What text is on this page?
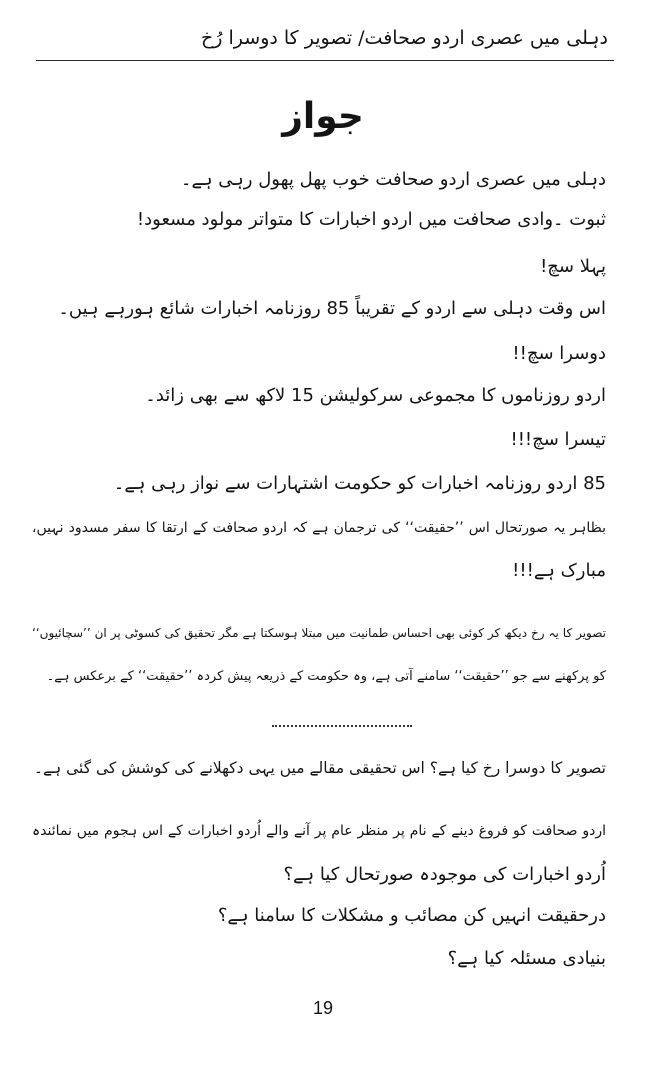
دہلی میں عصری اردو صحافت/ تصویر کا دوسرا رُخ
جواز
دہلی میں عصری اردو صحافت خوب پھل پھول رہی ہے۔
ثبوت ۔وادی صحافت میں اردو اخبارات کا متواتر مولود مسعود!
پہلا سچ!
اس وقت دہلی سے اردو کے تقریباً 85 روزنامہ اخبارات شائع ہورہے ہیں۔
دوسرا سچ!!
اردو روزناموں کا مجموعی سرکولیشن 15 لاکھ سے بھی زائد۔
تیسرا سچ!!!
85 اردو روزنامہ اخبارات کو حکومت اشتہارات سے نواز رہی ہے۔
بظاہر یہ صورتحال اس ’’حقیقت‘‘ کی ترجمان ہے کہ اردو صحافت کے ارتقا کا سفر مسدود نہیں،
مبارک ہے!!!
تصویر کا یہ رخ دیکھ کر کوئی بھی احساس طمانیت میں مبتلا ہوسکتا ہے مگر تحقیق کی کسوٹی پر ان ’’سچائیوں‘‘
کو پرکھنے سے جو ’’حقیقت‘‘ سامنے آتی ہے، وہ حکومت کے ذریعہ پیش کردہ ’’حقیقت‘‘ کے برعکس ہے۔
تصویر کا دوسرا رخ کیا ہے؟ اس تحقیقی مقالے میں یہی دکھلانے کی کوشش کی گئی ہے۔
اردو صحافت کو فروغ دینے کے نام پر منظر عام پر آنے والے اُردو اخبارات کے اس ہجوم میں نمائندہ
اُردو اخبارات کی موجودہ صورتحال کیا ہے؟
درحقیقت انہیں کن مصائب و مشکلات کا سامنا ہے؟
بنیادی مسئلہ کیا ہے؟
19
